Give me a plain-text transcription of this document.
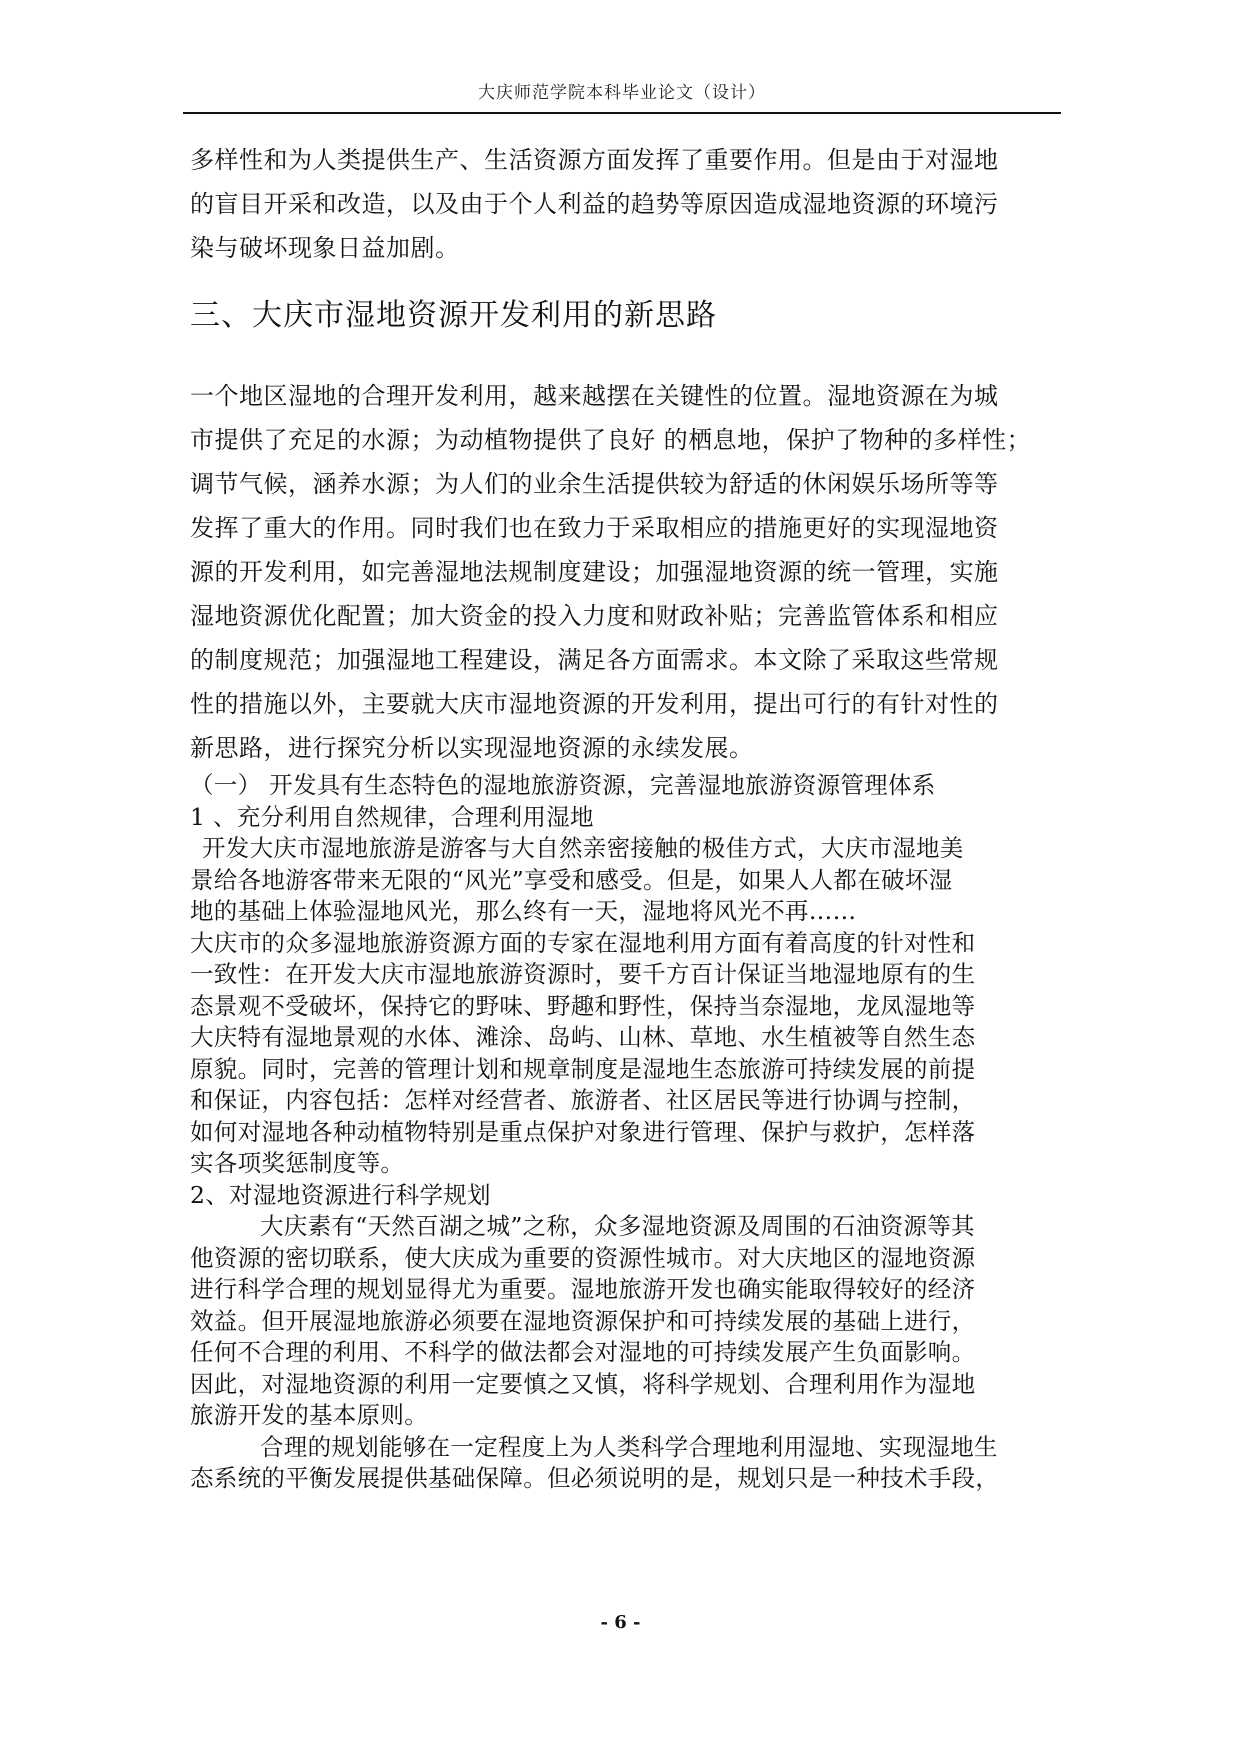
大庆师范学院本科毕业论文（设计）
多样性和为人类提供生产、生活资源方面发挥了重要作用。但是由于对湿地
的盲目开采和改造，以及由于个人利益的趋势等原因造成湿地资源的环境污
染与破坏现象日益加剧。
三、大庆市湿地资源开发利用的新思路
一个地区湿地的合理开发利用，越来越摆在关键性的位置。湿地资源在为城
市提供了充足的水源；为动植物提供了良好 的栖息地，保护了物种的多样性；
调节气候，涵养水源；为人们的业余生活提供较为舒适的休闲娱乐场所等等
发挥了重大的作用。同时我们也在致力于采取相应的措施更好的实现湿地资
源的开发利用，如完善湿地法规制度建设；加强湿地资源的统一管理，实施
湿地资源优化配置；加大资金的投入力度和财政补贴；完善监管体系和相应
的制度规范；加强湿地工程建设，满足各方面需求。本文除了采取这些常规
性的措施以外，主要就大庆市湿地资源的开发利用，提出可行的有针对性的
新思路，进行探究分析以实现湿地资源的永续发展。
（一） 开发具有生态特色的湿地旅游资源，完善湿地旅游资源管理体系
1 、充分利用自然规律，合理利用湿地
开发大庆市湿地旅游是游客与大自然亲密接触的极佳方式，大庆市湿地美
景给各地游客带来无限的“风光”享受和感受。但是，如果人人都在破坏湿
地的基础上体验湿地风光，那么终有一天，湿地将风光不再……
大庆市的众多湿地旅游资源方面的专家在湿地利用方面有着高度的针对性和
一致性：在开发大庆市湿地旅游资源时，要千方百计保证当地湿地原有的生
态景观不受破坏，保持它的野味、野趣和野性，保持当奈湿地，龙凤湿地等
大庆特有湿地景观的水体、滩涂、岛屿、山林、草地、水生植被等自然生态
原貌。同时，完善的管理计划和规章制度是湿地生态旅游可持续发展的前提
和保证，内容包括：怎样对经营者、旅游者、社区居民等进行协调与控制，
如何对湿地各种动植物特别是重点保护对象进行管理、保护与救护，怎样落
实各项奖惩制度等。
2、对湿地资源进行科学规划
大庆素有“天然百湖之城”之称，众多湿地资源及周围的石油资源等其
他资源的密切联系，使大庆成为重要的资源性城市。对大庆地区的湿地资源
进行科学合理的规划显得尤为重要。湿地旅游开发也确实能取得较好的经济
效益。但开展湿地旅游必须要在湿地资源保护和可持续发展的基础上进行，
任何不合理的利用、不科学的做法都会对湿地的可持续发展产生负面影响。
因此，对湿地资源的利用一定要慎之又慎，将科学规划、合理利用作为湿地
旅游开发的基本原则。
合理的规划能够在一定程度上为人类科学合理地利用湿地、实现湿地生
态系统的平衡发展提供基础保障。但必须说明的是，规划只是一种技术手段，
- 6 -
